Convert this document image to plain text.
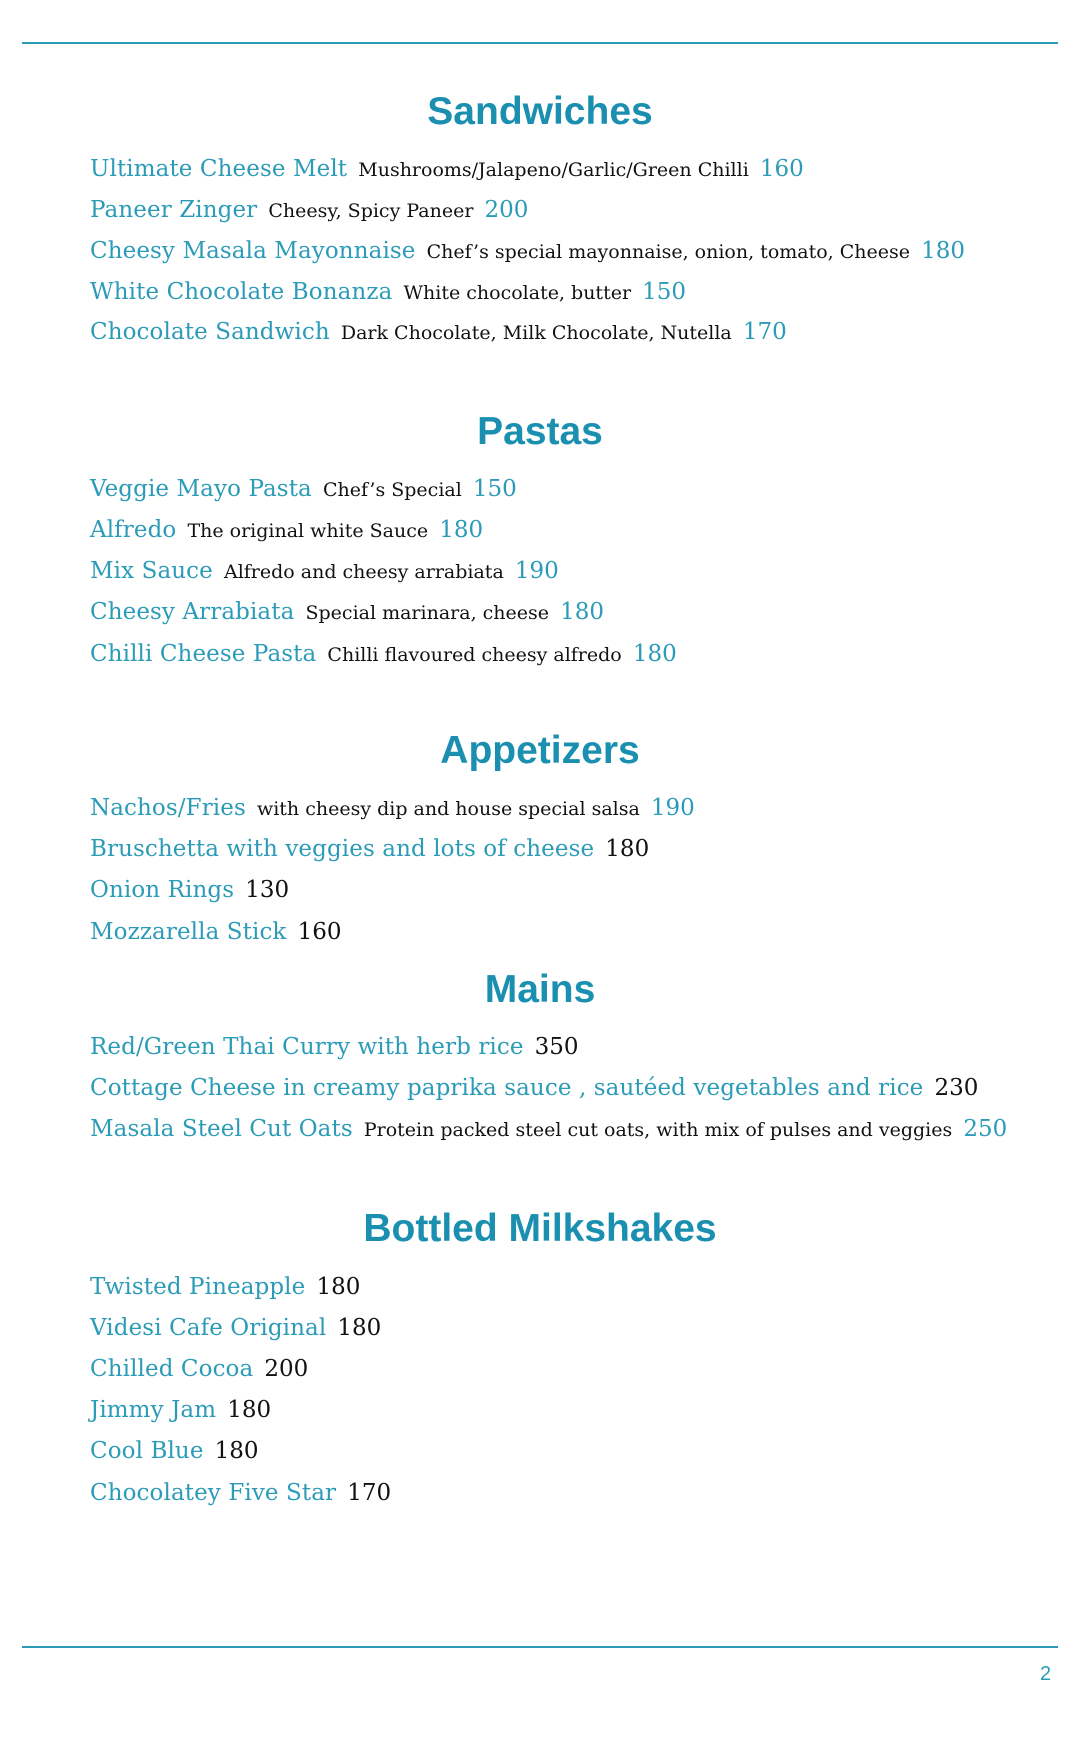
Sandwiches
Ultimate Cheese Melt Mushrooms/Jalapeno/Garlic/Green Chilli 160
Paneer Zinger Cheesy, Spicy Paneer 200
Cheesy Masala Mayonnaise Chef’s special mayonnaise, onion, tomato, Cheese 180
White Chocolate Bonanza White chocolate, butter 150
Chocolate Sandwich Dark Chocolate, Milk Chocolate, Nutella 170
Pastas
Veggie Mayo Pasta Chef’s Special 150
Alfredo The original white Sauce 180
Mix Sauce Alfredo and cheesy arrabiata 190
Cheesy Arrabiata Special marinara, cheese 180
Chilli Cheese Pasta Chilli flavoured cheesy alfredo 180
Appetizers
Nachos/Fries with cheesy dip and house special salsa 190
Bruschetta with veggies and lots of cheese 180
Onion Rings 130
Mozzarella Stick 160
Mains
Red/Green Thai Curry with herb rice 350
Cottage Cheese in creamy paprika sauce , sautéed vegetables and rice 230
Masala Steel Cut Oats Protein packed steel cut oats, with mix of pulses and veggies 250
Bottled Milkshakes
Twisted Pineapple 180
Videsi Cafe Original 180
Chilled Cocoa 200
Jimmy Jam 180
Cool Blue 180
Chocolatey Five Star 170
2
